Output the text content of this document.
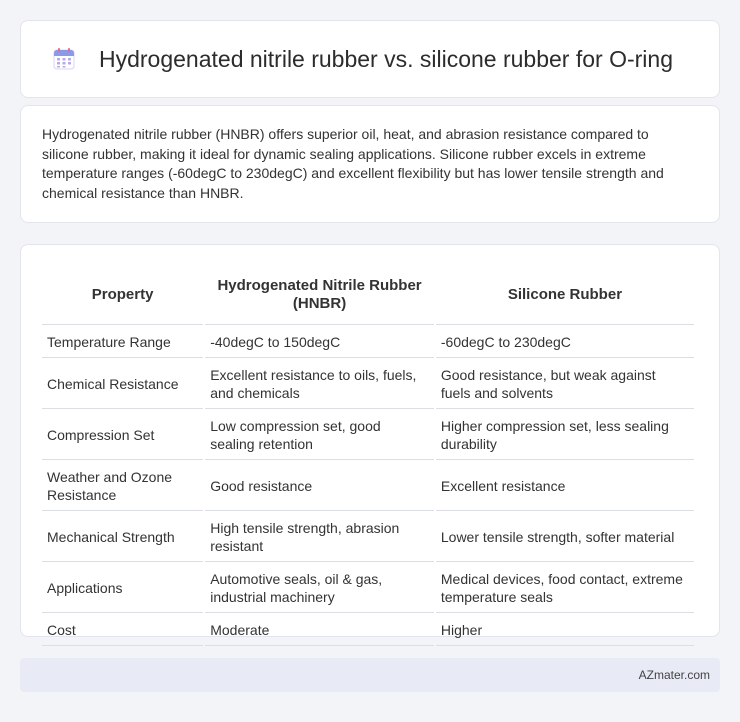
Hydrogenated nitrile rubber vs. silicone rubber for O-ring

Hydrogenated nitrile rubber (HNBR) offers superior oil, heat, and abrasion resistance compared to silicone rubber, making it ideal for dynamic sealing applications. Silicone rubber excels in extreme temperature ranges (-60degC to 230degC) and excellent flexibility but has lower tensile strength and chemical resistance than HNBR.

Property	Hydrogenated Nitrile Rubber (HNBR)	Silicone Rubber
Temperature Range	-40degC to 150degC	-60degC to 230degC
Chemical Resistance	Excellent resistance to oils, fuels, and chemicals	Good resistance, but weak against fuels and solvents
Compression Set	Low compression set, good sealing retention	Higher compression set, less sealing durability
Weather and Ozone Resistance	Good resistance	Excellent resistance
Mechanical Strength	High tensile strength, abrasion resistant	Lower tensile strength, softer material
Applications	Automotive seals, oil & gas, industrial machinery	Medical devices, food contact, extreme temperature seals
Cost	Moderate	Higher
AZmater.com
